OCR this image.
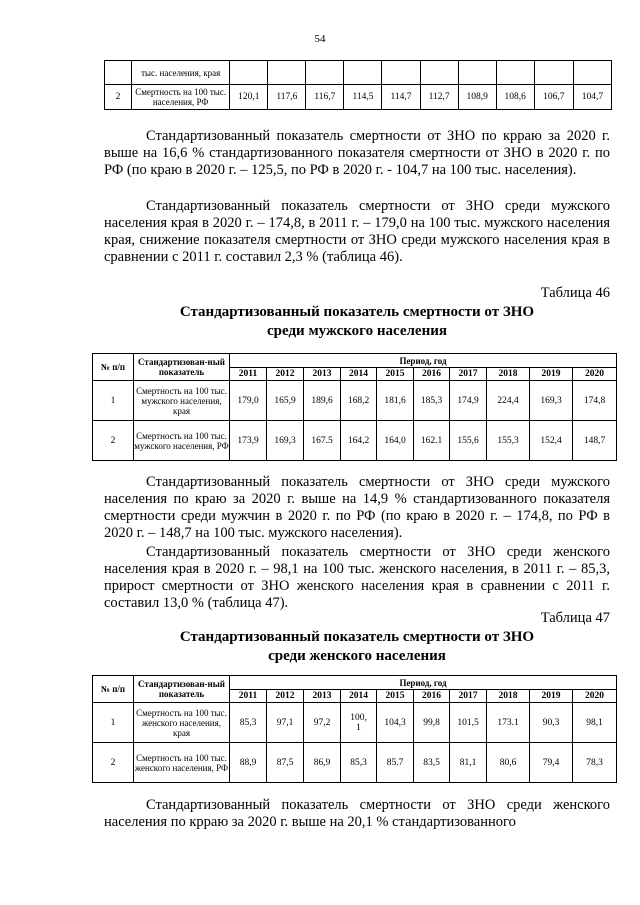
54
	тыс. населения, края										
2	Смертность на 100 тыс. населения, РФ	120,1	117,6	116,7	114,5	114,7	112,7	108,9	108,6	106,7	104,7

Стандартизованный показатель смертности от ЗНО по крраю за 2020 г. выше на 16,6 % стандартизованного показателя смертности от ЗНО в 2020 г. по РФ (по краю в 2020 г. – 125,5, по РФ в 2020 г. - 104,7 на 100 тыс. населения).

Стандартизованный показатель смертности от ЗНО среди мужского населения края в 2020 г. – 174,8, в 2011 г. – 179,0 на 100 тыс. мужского населения края, снижение показателя смертности от ЗНО среди мужского населения края в сравнении с 2011 г. составил 2,3 % (таблица 46).

Таблица 46
Стандартизованный показатель смертности от ЗНО
среди мужского населения
№ п/п	Стандартизован-ный показатель	Период, год									
		2011	2012	2013	2014	2015	2016	2017	2018	2019	2020
1	Смертность на 100 тыс. мужского населения, края	179,0	165,9	189,6	168,2	181,6	185,3	174,9	224,4	169,3	174,8
2	Смертность на 100 тыс. мужского населения, РФ	173,9	169,3	167.5	164,2	164,0	162.1	155,6	155,3	152,4	148,7

Стандартизованный показатель смертности от ЗНО среди мужского населения по краю за 2020 г. выше на 14,9 % стандартизованного показателя смертности среди мужчин в 2020 г. по РФ (по краю в 2020 г. – 174,8, по РФ в 2020 г. – 148,7 на 100 тыс. мужского населения).

Стандартизованный показатель смертности от ЗНО среди женского населения края в 2020 г. – 98,1 на 100 тыс. женского населения, в 2011 г. – 85,3, прирост смертности от ЗНО женского населения края в сравнении с 2011 г. составил 13,0 % (таблица 47).

Таблица 47
Стандартизованный показатель смертности от ЗНО
среди женского населения
№ п/п	Стандартизован-ный показатель	Период, год									
		2011	2012	2013	2014	2015	2016	2017	2018	2019	2020
1	Смертность на 100 тыс. женского населения, края	85,3	97,1	97,2	100, 1	104,3	99,8	101,5	173.1	90,3	98,1
2	Смертность на 100 тыс. женского населения, РФ	88,9	87,5	86,9	85,3	85.7	83,5	81,1	80,6	79,4	78,3

Стандартизованный показатель смертности от ЗНО среди женского населения по крраю за 2020 г. выше на 20,1 % стандартизованного
